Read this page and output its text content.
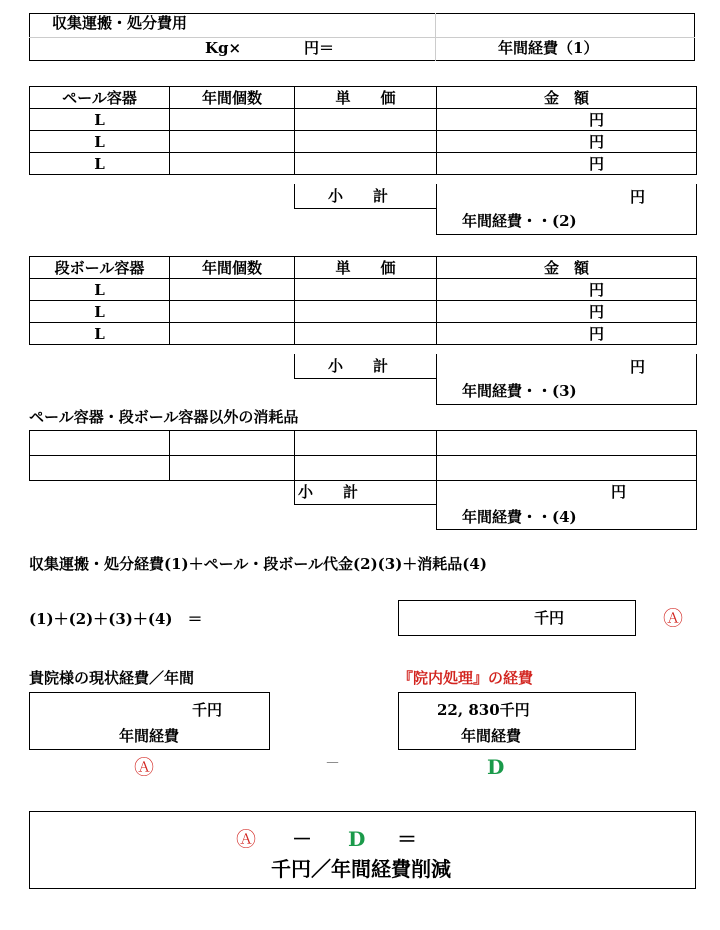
収集運搬・処分費用
Kg×	円＝	年間経費（1）
ペール容器	年間個数	単　　価	金　額
L			円
L			円
L			円
小　　計	円
年間経費・・(2)
段ボール容器	年間個数	単　　価	金　額
L			円
L			円
L			円
小　　計	円
年間経費・・(3)
ペール容器・段ボール容器以外の消耗品

小　　計	円
年間経費・・(4)
収集運搬・処分経費(1)＋ペール・段ボール代金(2)(3)＋消耗品(4)
(1)＋(2)＋(3)＋(4)　＝	千円	Ⓐ
貴院様の現状経費／年間
千円
年間経費
Ⓐ	－
『院内処理』の経費
22, 830千円
年間経費
D
Ⓐ － D ＝
千円／年間経費削減
